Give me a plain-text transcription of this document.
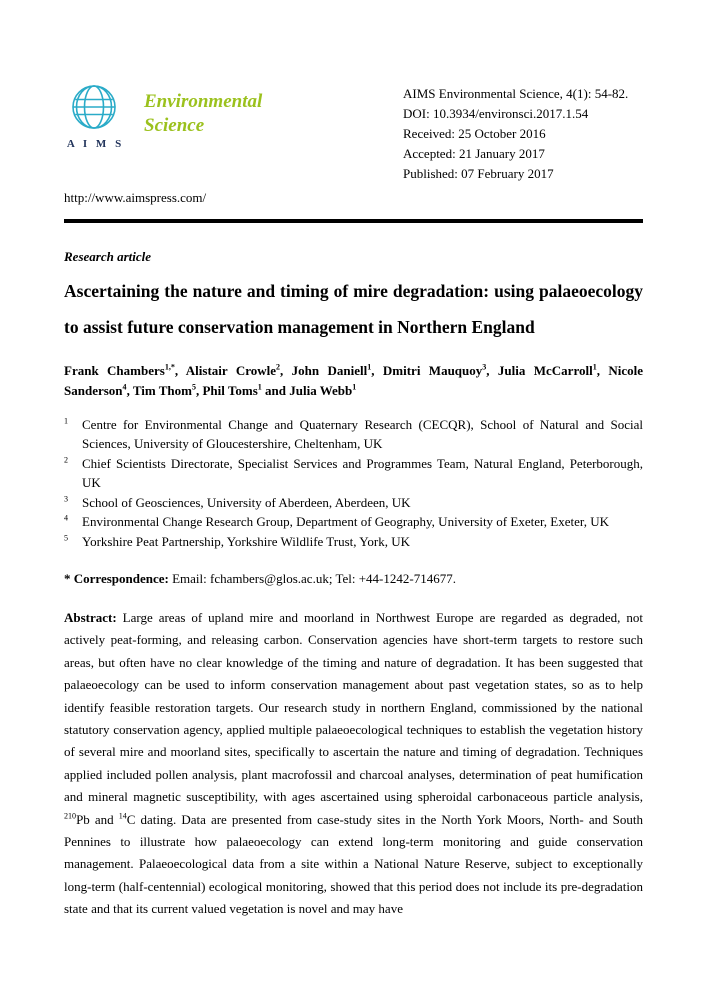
A I M S
Environmental
Science
AIMS Environmental Science, 4(1): 54-82.
DOI: 10.3934/environsci.2017.1.54
Received: 25 October 2016
Accepted: 21 January 2017
Published: 07 February 2017
http://www.aimspress.com/
Research article
Ascertaining the nature and timing of mire degradation: using palaeoecology to assist future conservation management in Northern England
Frank Chambers$^{1,*}$, Alistair Crowle$^2$, John Daniell$^1$, Dmitri Mauquoy$^3$, Julia McCarroll$^1$, Nicole Sanderson$^4$, Tim Thom$^5$, Phil Toms$^1$ and Julia Webb$^1$
$^1$	Centre for Environmental Change and Quaternary Research (CECQR), School of Natural and Social Sciences, University of Gloucestershire, Cheltenham, UK
$^2$	Chief Scientists Directorate, Specialist Services and Programmes Team, Natural England, Peterborough, UK
$^3$	School of Geosciences, University of Aberdeen, Aberdeen, UK
$^4$	Environmental Change Research Group, Department of Geography, University of Exeter, Exeter, UK
$^5$	Yorkshire Peat Partnership, Yorkshire Wildlife Trust, York, UK
* Correspondence: Email: fchambers@glos.ac.uk; Tel: +44-1242-714677.

Abstract: Large areas of upland mire and moorland in Northwest Europe are regarded as degraded, not actively peat-forming, and releasing carbon. Conservation agencies have short-term targets to restore such areas, but often have no clear knowledge of the timing and nature of degradation. It has been suggested that palaeoecology can be used to inform conservation management about past vegetation states, so as to help identify feasible restoration targets. Our research study in northern England, commissioned by the national statutory conservation agency, applied multiple palaeoecological techniques to establish the vegetation history of several mire and moorland sites, specifically to ascertain the nature and timing of degradation. Techniques applied included pollen analysis, plant macrofossil and charcoal analyses, determination of peat humification and mineral magnetic susceptibility, with ages ascertained using spheroidal carbonaceous particle analysis, $^{210}$Pb and $^{14}$C dating. Data are presented from case-study sites in the North York Moors, North- and South Pennines to illustrate how palaeoecology can extend long-term monitoring and guide conservation management. Palaeoecological data from a site within a National Nature Reserve, subject to exceptionally long-term (half-centennial) ecological monitoring, showed that this period does not include its pre-degradation state and that its current valued vegetation is novel and may have
